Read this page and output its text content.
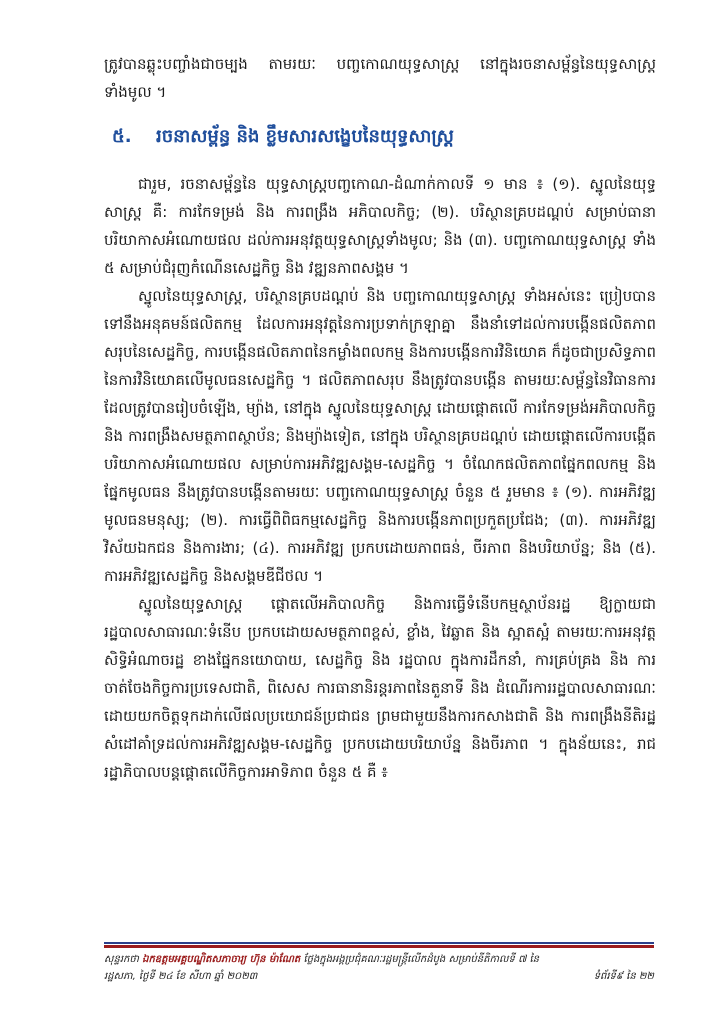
ត្រូវបានឆ្លុះបញ្ចាំងជាចម្បង តាមរយៈ បញ្ចកោណយុទ្ធសាស្ត្រ នៅក្នុងរចនាសម្ព័ន្ធនៃយុទ្ធសាស្ត្រ ទាំងមូល ។

៥.	រចនាសម្ព័ន្ធ និង ខ្លឹមសារសង្ខេបនៃយុទ្ធសាស្ត្រ

ជារួម, រចនាសម្ព័ន្ធនៃ យុទ្ធសាស្ត្របញ្ចកោណ-ដំណាក់កាលទី ១ មាន ៖ (១). ស្នូលនៃយុទ្ធសាស្ត្រ គឺ: ការកែទម្រង់ និង ការពង្រឹង អភិបាលកិច្ច; (២). បរិស្ថានគ្របដណ្ដប់ សម្រាប់ធានាបរិយាកាសអំណោយផល ដល់ការអនុវត្តយុទ្ធសាស្ត្រទាំងមូល; និង (៣). បញ្ចកោណយុទ្ធសាស្ត្រ ទាំង ៥ សម្រាប់ជំរុញកំណើនសេដ្ឋកិច្ច និង វឌ្ឍនភាពសង្គម ។

ស្នូលនៃយុទ្ធសាស្ត្រ, បរិស្ថានគ្របដណ្ដប់ និង បញ្ចកោណយុទ្ធសាស្ត្រ ទាំងអស់នេះ ប្រៀបបានទៅនឹងអនុគមន៍ផលិតកម្ម ដែលការអនុវត្តនៃការប្រទាក់ក្រឡាគ្នា នឹងនាំទៅដល់ការបង្កើនផលិតភាពសរុបនៃសេដ្ឋកិច្ច, ការបង្កើនផលិតភាពនៃកម្លាំងពលកម្ម និងការបង្កើនការវិនិយោគ ក៏ដូចជាប្រសិទ្ធភាពនៃការវិនិយោគលើមូលធនសេដ្ឋកិច្ច ។ ផលិតភាពសរុប នឹងត្រូវបានបង្កើន តាមរយៈសម្ព័ន្ធនៃវិធានការ ដែលត្រូវបានរៀបចំឡើង, ម្យ៉ាង, នៅក្នុង ស្នូលនៃយុទ្ធសាស្ត្រ ដោយផ្ដោតលើ ការកែទម្រង់អភិបាលកិច្ច និង ការពង្រឹងសមត្ថភាពស្ថាប័ន; និងម្យ៉ាងទៀត, នៅក្នុង បរិស្ថានគ្របដណ្ដប់ ដោយផ្ដោតលើការបង្កើតបរិយាកាសអំណោយផល សម្រាប់ការអភិវឌ្ឍសង្គម-សេដ្ឋកិច្ច ។ ចំណែកផលិតភាពផ្នែកពលកម្ម និង ផ្នែកមូលធន នឹងត្រូវបានបង្កើនតាមរយៈ បញ្ចកោណយុទ្ធសាស្ត្រ ចំនួន ៥ រួមមាន ៖ (១). ការអភិវឌ្ឍមូលធនមនុស្ស; (២). ការធ្វើពិពិធកម្មសេដ្ឋកិច្ច និងការបង្កើនភាពប្រកួតប្រជែង; (៣). ការអភិវឌ្ឍវិស័យឯកជន និងការងារ; (៤). ការអភិវឌ្ឍ ប្រកបដោយភាពធន់, ចីរភាព និងបរិយាប័ន្ន; និង (៥). ការអភិវឌ្ឍសេដ្ឋកិច្ច និងសង្គមឌីជីថល ។

ស្នូលនៃយុទ្ធសាស្ត្រ ផ្ដោតលើអភិបាលកិច្ច និងការធ្វើទំនើបកម្មស្ថាប័នរដ្ឋ ឱ្យក្លាយជារដ្ឋបាលសាធារណៈទំនើប ប្រកបដោយសមត្ថភាពខ្ពស់, ខ្លាំង, វៃឆ្លាត និង ស្អាតស្អំ តាមរយៈការអនុវត្តសិទ្ធិអំណាចរដ្ឋ ខាងផ្នែកនយោបាយ, សេដ្ឋកិច្ច និង រដ្ឋបាល ក្នុងការដឹកនាំ, ការគ្រប់គ្រង និង ការចាត់ចែងកិច្ចការប្រទេសជាតិ, ពិសេស ការធានានិរន្តរភាពនៃតួនាទី និង ដំណើរការរដ្ឋបាលសាធារណៈ ដោយយកចិត្តទុកដាក់លើផលប្រយោជន៍ប្រជាជន ព្រមជាមួយនឹងការកសាងជាតិ និង ការពង្រឹងនីតិរដ្ឋ សំដៅគាំទ្រដល់ការអភិវឌ្ឍសង្គម-សេដ្ឋកិច្ច ប្រកបដោយបរិយាប័ន្ន និងចីរភាព ។ ក្នុងន័យនេះ, រាជរដ្ឋាភិបាលបន្តផ្ដោតលើកិច្ចការអាទិភាព ចំនួន ៥ គឺ ៖

សុន្ទរកថា ឯកឧត្ដមអគ្គបណ្ឌិតសភាចារ្យ ហ៊ុន ម៉ាណែត ថ្លែងក្នុងអង្គប្រជុំគណៈរដ្ឋមន្ត្រីលើកដំបូង សម្រាប់នីតិកាលទី ៧ នៃ
រដ្ឋសភា, ថ្ងៃទី ២៤ ខែ សីហា ឆ្នាំ ២០២៣	ទំព័រទី៩ នៃ ២២
